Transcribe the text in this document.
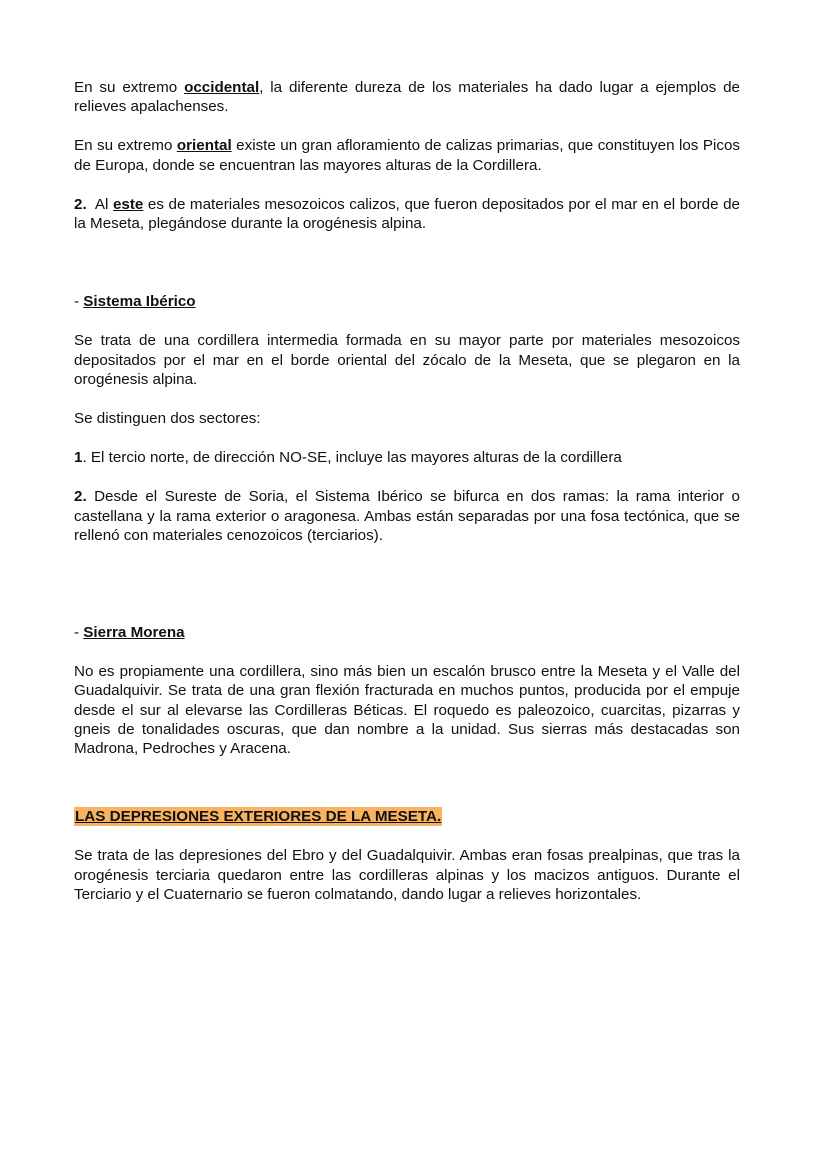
En su extremo occidental, la diferente dureza de los materiales ha dado lugar a ejemplos de relieves apalachenses.

En su extremo oriental existe un gran afloramiento de calizas primarias, que constituyen los Picos de Europa, donde se encuentran las mayores alturas de la Cordillera.

2.  Al este es de materiales mesozoicos calizos, que fueron depositados por el mar en el borde de la Meseta, plegándose durante la orogénesis alpina.

- Sistema Ibérico

Se trata de una cordillera intermedia formada en su mayor parte por materiales mesozoicos depositados por el mar en el borde oriental del zócalo de la Meseta, que se plegaron en la orogénesis alpina.

Se distinguen dos sectores:

1. El tercio norte, de dirección NO-SE, incluye las mayores alturas de la cordillera

2. Desde el Sureste de Soria, el Sistema Ibérico se bifurca en dos ramas: la rama interior o castellana y la rama exterior o aragonesa. Ambas están separadas por una fosa tectónica, que se rellenó con materiales cenozoicos (terciarios).

- Sierra Morena

No es propiamente una cordillera, sino más bien un escalón brusco entre la Meseta y el Valle del Guadalquivir. Se trata de una gran flexión fracturada en muchos puntos, producida por el empuje desde el sur al elevarse las Cordilleras Béticas. El roquedo es paleozoico, cuarcitas, pizarras y gneis de tonalidades oscuras, que dan nombre a la unidad. Sus sierras más destacadas son Madrona, Pedroches y Aracena.

LAS DEPRESIONES EXTERIORES DE LA MESETA.

Se trata de las depresiones del Ebro y del Guadalquivir. Ambas eran fosas prealpinas, que tras la orogénesis terciaria quedaron entre las cordilleras alpinas y los macizos antiguos. Durante el Terciario y el Cuaternario se fueron colmatando, dando lugar a relieves horizontales.
